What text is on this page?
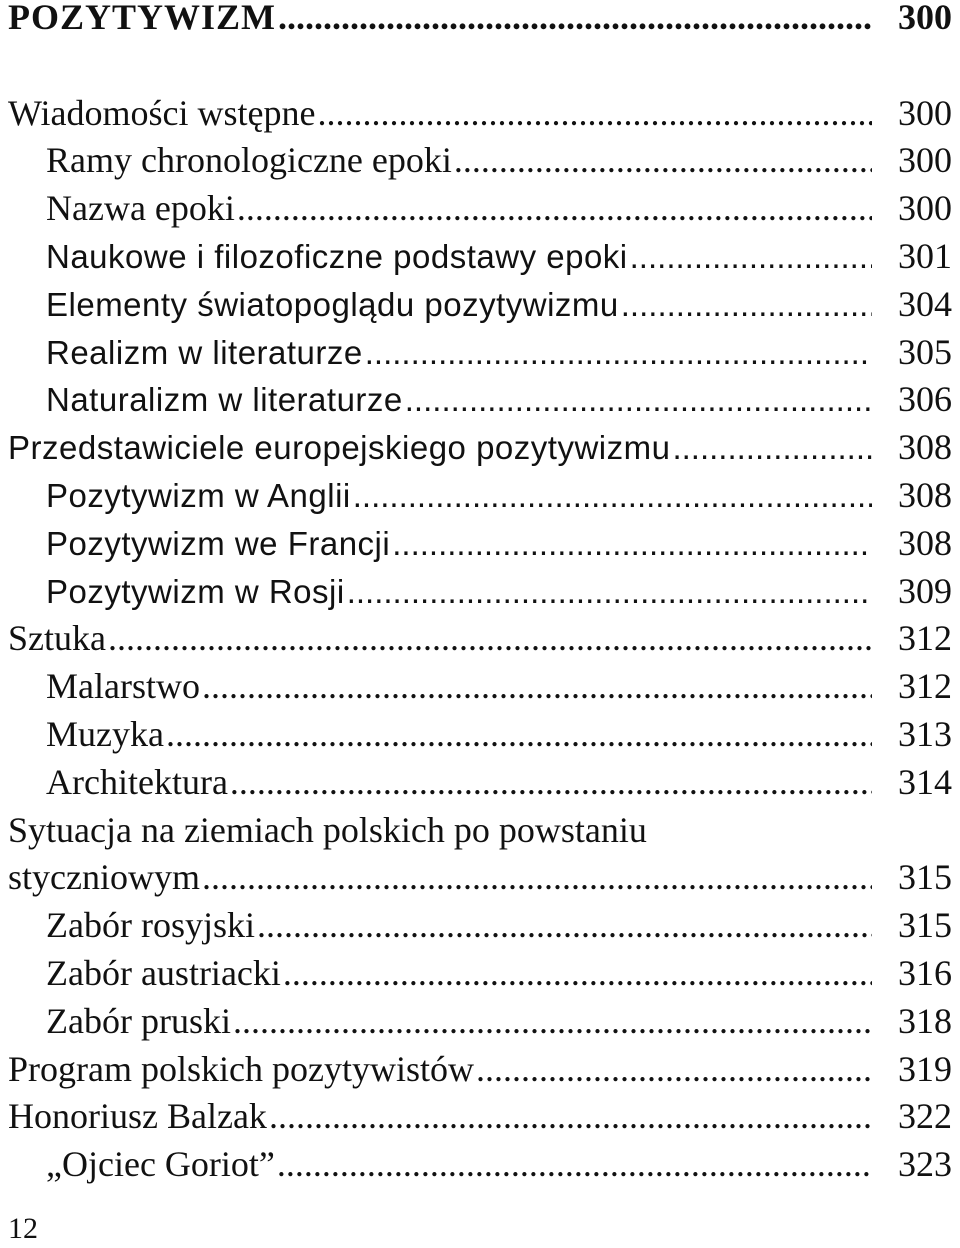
POZYTYWIZM .....	300
Wiadomości wstępne .....	300
Ramy chronologiczne epoki .....	300
Nazwa epoki .....	300
Naukowe i filozoficzne podstawy epoki .....	301
Elementy światopoglądu pozytywizmu .....	304
Realizm w literaturze .....	305
Naturalizm w literaturze .....	306
Przedstawiciele europejskiego pozytywizmu .....	308
Pozytywizm w Anglii .....	308
Pozytywizm we Francji .....	308
Pozytywizm w Rosji .....	309
Sztuka .....	312
Malarstwo .....	312
Muzyka .....	313
Architektura .....	314
Sytuacja na ziemiach polskich po powstaniu
styczniowym .....	315
Zabór rosyjski .....	315
Zabór austriacki .....	316
Zabór pruski .....	318
Program polskich pozytywistów .....	319
Honoriusz Balzak .....	322
„Ojciec Goriot” .....	323
12
